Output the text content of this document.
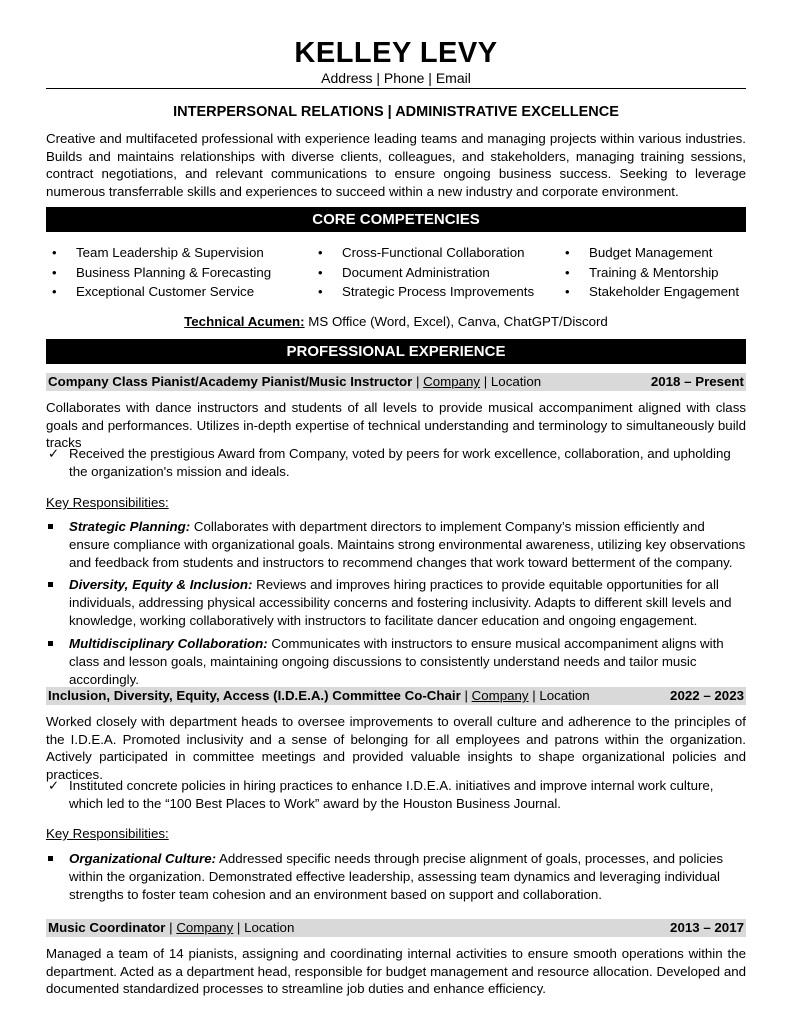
KELLEY LEVY
Address | Phone | Email
INTERPERSONAL RELATIONS | ADMINISTRATIVE EXCELLENCE
Creative and multifaceted professional with experience leading teams and managing projects within various industries. Builds and maintains relationships with diverse clients, colleagues, and stakeholders, managing training sessions, contract negotiations, and relevant communications to ensure ongoing business success. Seeking to leverage numerous transferrable skills and experiences to succeed within a new industry and corporate environment.
CORE COMPETENCIES
• Team Leadership & Supervision
• Business Planning & Forecasting
• Exceptional Customer Service
• Cross-Functional Collaboration
• Document Administration
• Strategic Process Improvements
• Budget Management
• Training & Mentorship
• Stakeholder Engagement
Technical Acumen: MS Office (Word, Excel), Canva, ChatGPT/Discord
PROFESSIONAL EXPERIENCE
Company Class Pianist/Academy Pianist/Music Instructor | Company | Location	2018 – Present
Collaborates with dance instructors and students of all levels to provide musical accompaniment aligned with class goals and performances. Utilizes in-depth expertise of technical understanding and terminology to simultaneously build tracks
✓ Received the prestigious Award from Company, voted by peers for work excellence, collaboration, and upholding the organization's mission and ideals.
Key Responsibilities:
Strategic Planning: Collaborates with department directors to implement Company’s mission efficiently and ensure compliance with organizational goals. Maintains strong environmental awareness, utilizing key observations and feedback from students and instructors to recommend changes that work toward betterment of the company.
Diversity, Equity & Inclusion: Reviews and improves hiring practices to provide equitable opportunities for all individuals, addressing physical accessibility concerns and fostering inclusivity. Adapts to different skill levels and knowledge, working collaboratively with instructors to facilitate dancer education and ongoing engagement.
Multidisciplinary Collaboration: Communicates with instructors to ensure musical accompaniment aligns with class and lesson goals, maintaining ongoing discussions to consistently understand needs and tailor music accordingly.
Inclusion, Diversity, Equity, Access (I.D.E.A.) Committee Co-Chair | Company | Location	2022 – 2023
Worked closely with department heads to oversee improvements to overall culture and adherence to the principles of the I.D.E.A. Promoted inclusivity and a sense of belonging for all employees and patrons within the organization. Actively participated in committee meetings and provided valuable insights to shape organizational policies and practices.
✓ Instituted concrete policies in hiring practices to enhance I.D.E.A. initiatives and improve internal work culture, which led to the “100 Best Places to Work” award by the Houston Business Journal.
Key Responsibilities:
Organizational Culture: Addressed specific needs through precise alignment of goals, processes, and policies within the organization. Demonstrated effective leadership, assessing team dynamics and leveraging individual strengths to foster team cohesion and an environment based on support and collaboration.
Music Coordinator | Company | Location	2013 – 2017
Managed a team of 14 pianists, assigning and coordinating internal activities to ensure smooth operations within the department. Acted as a department head, responsible for budget management and resource allocation. Developed and documented standardized processes to streamline job duties and enhance efficiency.
